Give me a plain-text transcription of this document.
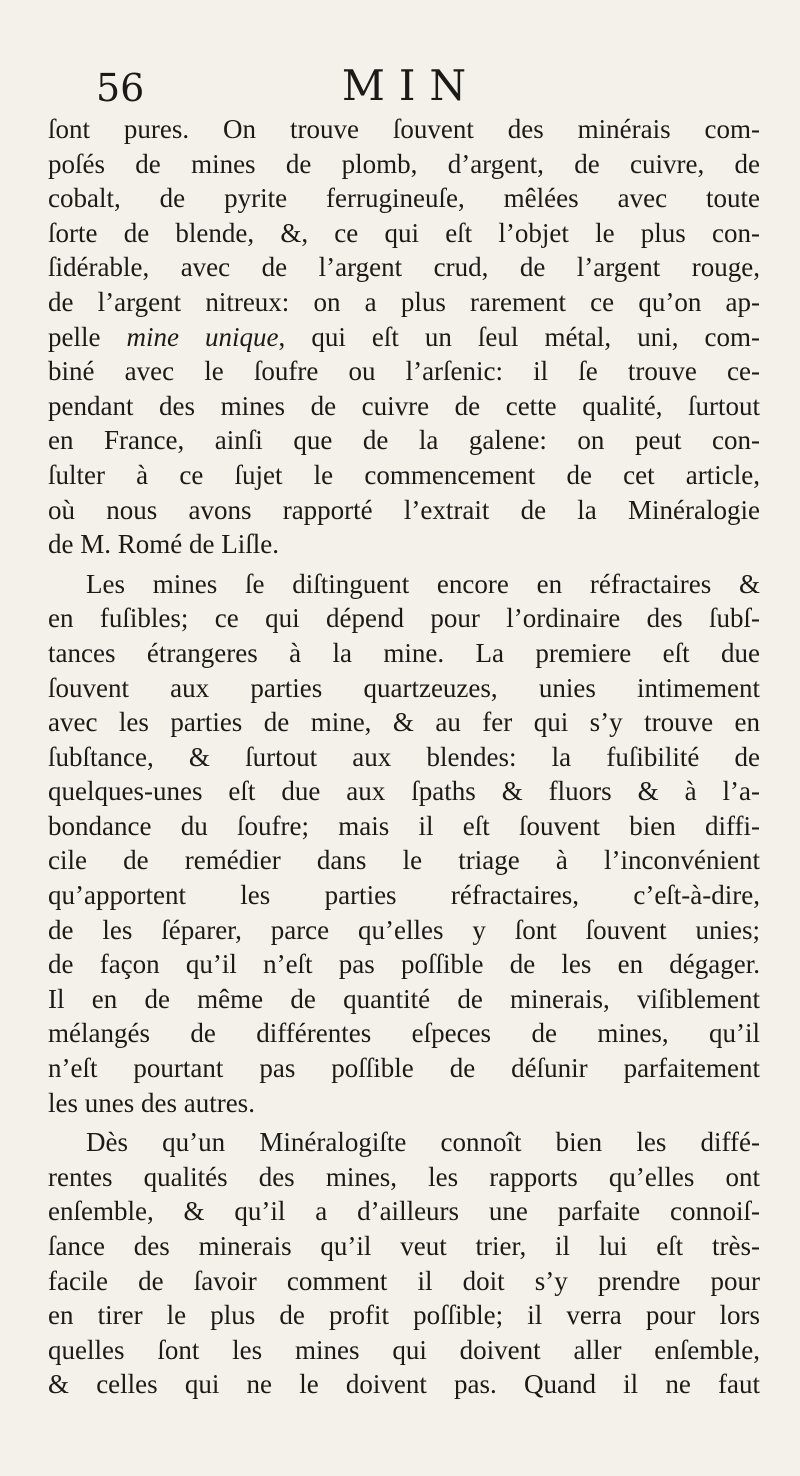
56	MIN
ſont pures. On trouve ſouvent des minérais com-
poſés de mines de plomb, d’argent, de cuivre, de
cobalt, de pyrite ferrugineuſe, mêlées avec toute
ſorte de blende, &, ce qui eſt l’objet le plus con-
ſidérable, avec de l’argent crud, de l’argent rouge,
de l’argent nitreux: on a plus rarement ce qu’on ap-
pelle mine unique, qui eſt un ſeul métal, uni, com-
biné avec le ſoufre ou l’arſenic: il ſe trouve ce-
pendant des mines de cuivre de cette qualité, ſurtout
en France, ainſi que de la galene: on peut con-
ſulter à ce ſujet le commencement de cet article,
où nous avons rapporté l’extrait de la Minéralogie
de M. Romé de Liſle.
Les mines ſe diſtinguent encore en réfractaires &
en fuſibles; ce qui dépend pour l’ordinaire des ſubſ-
tances étrangeres à la mine. La premiere eſt due
ſouvent aux parties quartzeuzes, unies intimement
avec les parties de mine, & au fer qui s’y trouve en
ſubſtance, & ſurtout aux blendes: la fuſibilité de
quelques-unes eſt due aux ſpaths & fluors & à l’a-
bondance du ſoufre; mais il eſt ſouvent bien diffi-
cile de remédier dans le triage à l’inconvénient
qu’apportent les parties réfractaires, c’eſt-à-dire,
de les ſéparer, parce qu’elles y ſont ſouvent unies;
de façon qu’il n’eſt pas poſſible de les en dégager.
Il en de même de quantité de minerais, viſiblement
mélangés de différentes eſpeces de mines, qu’il
n’eſt pourtant pas poſſible de déſunir parfaitement
les unes des autres.
Dès qu’un Minéralogiſte connoît bien les diffé-
rentes qualités des mines, les rapports qu’elles ont
enſemble, & qu’il a d’ailleurs une parfaite connoiſ-
ſance des minerais qu’il veut trier, il lui eſt très-
facile de ſavoir comment il doit s’y prendre pour
en tirer le plus de profit poſſible; il verra pour lors
quelles ſont les mines qui doivent aller enſemble,
& celles qui ne le doivent pas. Quand il ne faut
